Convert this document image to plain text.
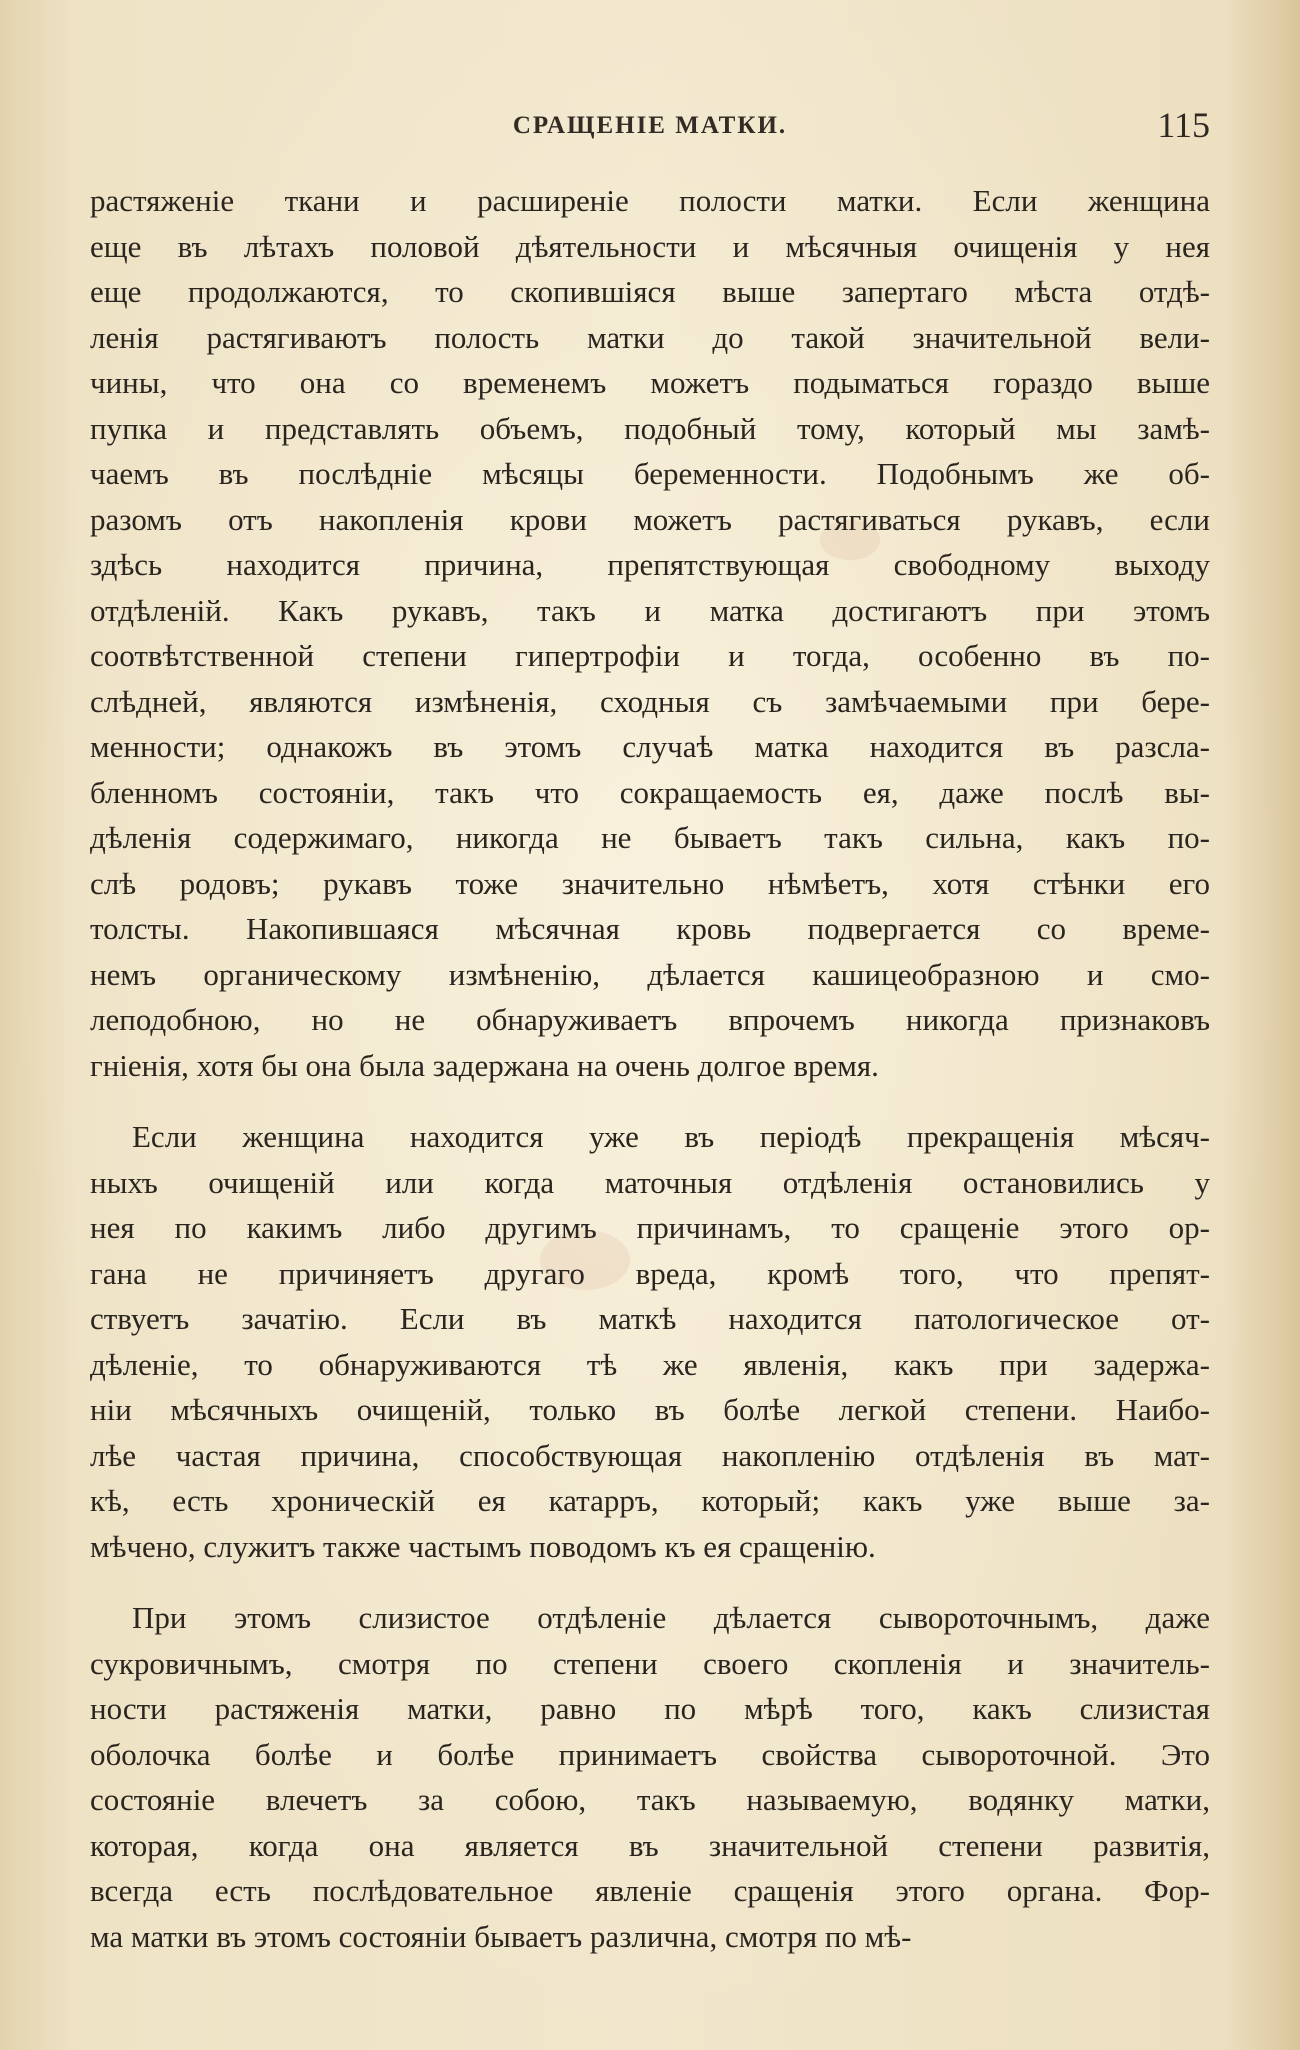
СРАЩЕНІЕ МАТКИ.	115
растяженіе ткани и расширеніе полости матки. Если женщина
еще въ лѣтахъ половой дѣятельности и мѣсячныя очищенія у нея
еще продолжаются, то скопившіяся выше запертаго мѣста отдѣ-
ленія растягиваютъ полость матки до такой значительной вели-
чины, что она со временемъ можетъ подыматься гораздо выше
пупка и представлять объемъ, подобный тому, который мы замѣ-
чаемъ въ послѣдніе мѣсяцы беременности. Подобнымъ же об-
разомъ отъ накопленія крови можетъ растягиваться рукавъ, если
здѣсь находится причина, препятствующая свободному выходу
отдѣленій. Какъ рукавъ, такъ и матка достигаютъ при этомъ
соотвѣтственной степени гипертрофіи и тогда, особенно въ по-
слѣдней, являются измѣненія, сходныя съ замѣчаемыми при бере-
менности; однакожъ въ этомъ случаѣ матка находится въ разсла-
бленномъ состояніи, такъ что сокращаемость ея, даже послѣ вы-
дѣленія содержимаго, никогда не бываетъ такъ сильна, какъ по-
слѣ родовъ; рукавъ тоже значительно нѣмѣетъ, хотя стѣнки его
толсты. Накопившаяся мѣсячная кровь подвергается со време-
немъ органическому измѣненію, дѣлается кашицеобразною и смо-
леподобною, но не обнаруживаетъ впрочемъ никогда признаковъ
гніенія, хотя бы она была задержана на очень долгое время.
Если женщина находится уже въ періодѣ прекращенія мѣсяч-
ныхъ очищеній или когда маточныя отдѣленія остановились у
нея по какимъ либо другимъ причинамъ, то сращеніе этого ор-
гана не причиняетъ другаго вреда, кромѣ того, что препят-
ствуетъ зачатію. Если въ маткѣ находится патологическое от-
дѣленіе, то обнаруживаются тѣ же явленія, какъ при задержа-
ніи мѣсячныхъ очищеній, только въ болѣе легкой степени. Наибо-
лѣе частая причина, способствующая накопленію отдѣленія въ мат-
кѣ, есть хроническій ея катарръ, который; какъ уже выше за-
мѣчено, служитъ также частымъ поводомъ къ ея сращенію.
При этомъ слизистое отдѣленіе дѣлается сывороточнымъ, даже
сукровичнымъ, смотря по степени своего скопленія и значитель-
ности растяженія матки, равно по мѣрѣ того, какъ слизистая
оболочка болѣе и болѣе принимаетъ свойства сывороточной. Это
состояніе влечетъ за собою, такъ называемую, водянку матки,
которая, когда она является въ значительной степени развитія,
всегда есть послѣдовательное явленіе сращенія этого органа. Фор-
ма матки въ этомъ состояніи бываетъ различна, смотря по мѣ-
